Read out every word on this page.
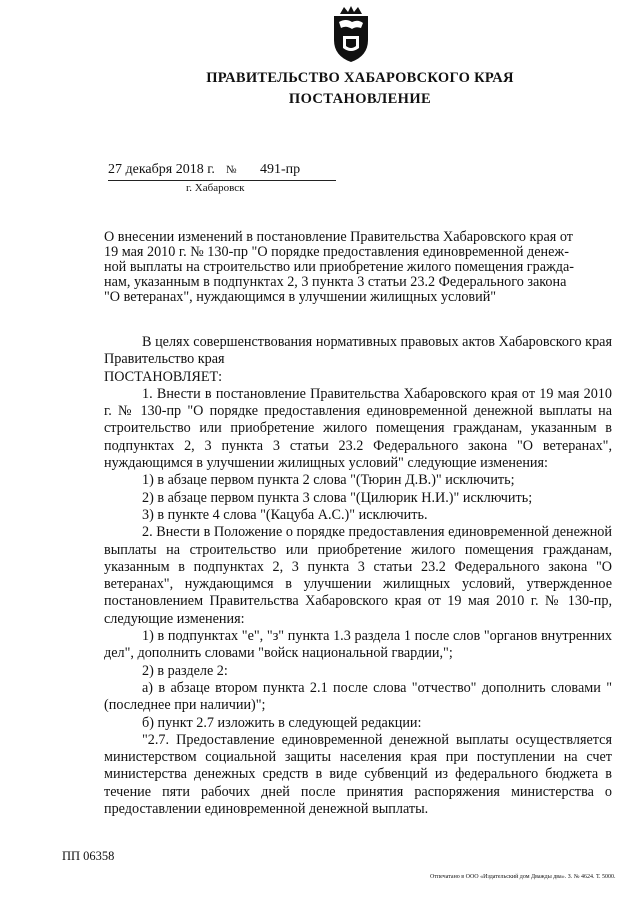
ПРАВИТЕЛЬСТВО ХАБАРОВСКОГО КРАЯ
ПОСТАНОВЛЕНИЕ
27 декабря 2018 г. № 491-пр
г. Хабаровск
О внесении изменений в постановление Правительства Хабаровского края от
19 мая 2010 г. № 130-пр "О порядке предоставления единовременной денеж-
ной выплаты на строительство или приобретение жилого помещения гражда-
нам, указанным в подпунктах 2, 3 пункта 3 статьи 23.2 Федерального закона
"О ветеранах", нуждающимся в улучшении жилищных условий"

В целях совершенствования нормативных правовых актов Хабаровского края Правительство края

ПОСТАНОВЛЯЕТ:

1. Внести в постановление Правительства Хабаровского края от 19 мая 2010 г. № 130-пр "О порядке предоставления единовременной денежной выплаты на строительство или приобретение жилого помещения гражданам, указанным в подпунктах 2, 3 пункта 3 статьи 23.2 Федерального закона "О ветеранах", нуждающимся в улучшении жилищных условий" следующие изменения:

1) в абзаце первом пункта 2 слова "(Тюрин Д.В.)" исключить;

2) в абзаце первом пункта 3 слова "(Цилюрик Н.И.)" исключить;

3) в пункте 4 слова "(Кацуба А.С.)" исключить.

2. Внести в Положение о порядке предоставления единовременной денежной выплаты на строительство или приобретение жилого помещения гражданам, указанным в подпунктах 2, 3 пункта 3 статьи 23.2 Федерального закона "О ветеранах", нуждающимся в улучшении жилищных условий, утвержденное постановлением Правительства Хабаровского края от 19 мая 2010 г. № 130-пр, следующие изменения:

1) в подпунктах "е", "з" пункта 1.3 раздела 1 после слов "органов внутренних дел", дополнить словами "войск национальной гвардии,";

2) в разделе 2:

а) в абзаце втором пункта 2.1 после слова "отчество" дополнить словами "(последнее при наличии)";

б) пункт 2.7 изложить в следующей редакции:

"2.7. Предоставление единовременной денежной выплаты осуществляется министерством социальной защиты населения края при поступлении на счет министерства денежных средств в виде субвенций из федерального бюджета в течение пяти рабочих дней после принятия распоряжения министерства о предоставлении единовременной денежной выплаты.

ПП 06358
Отпечатано в ООО «Издательский дом Дважды два». З. № 4624. Т. 5000.
